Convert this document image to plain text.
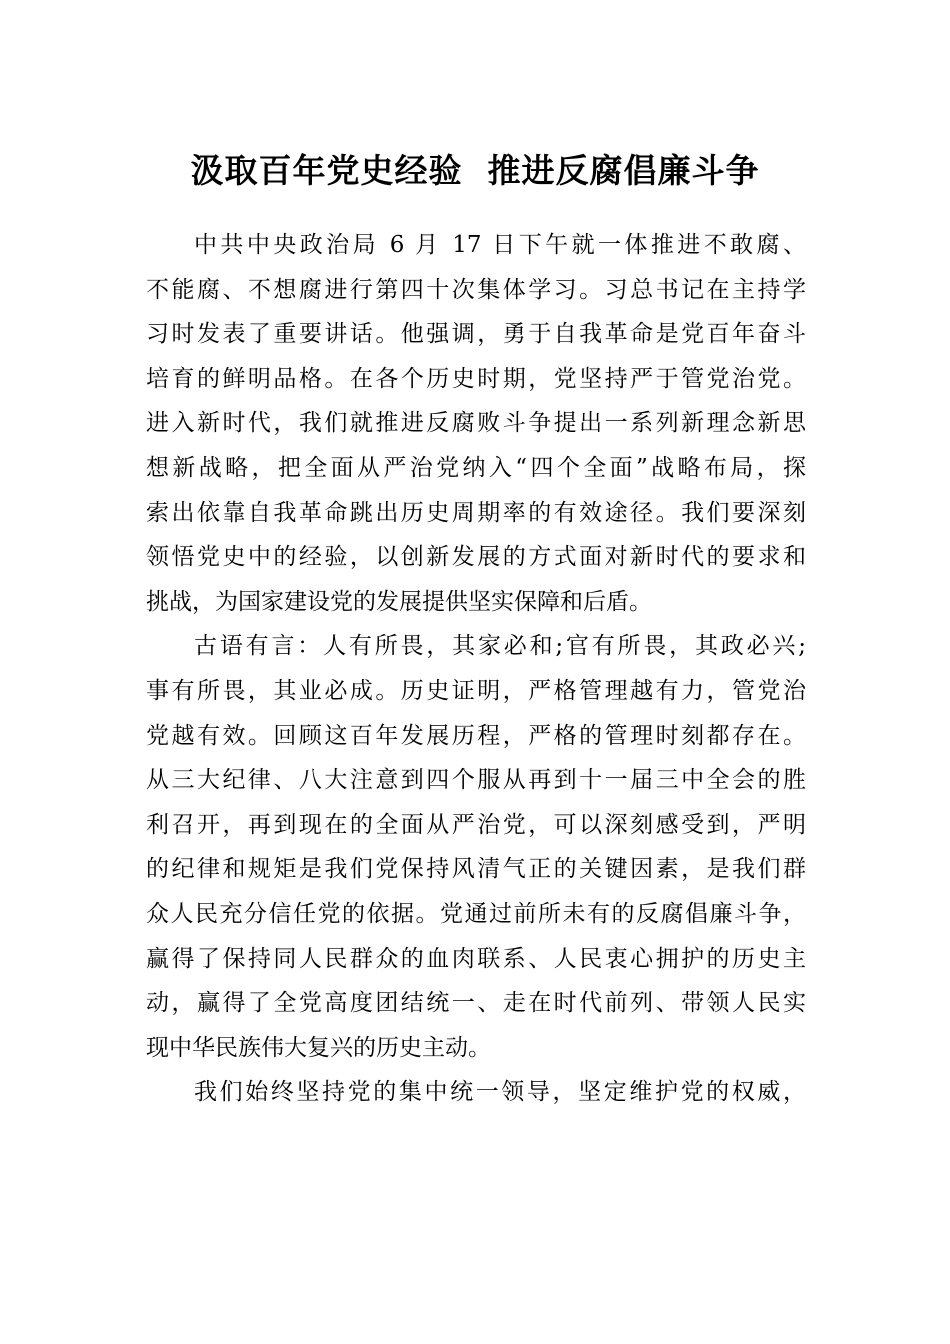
汲取百年党史经验  推进反腐倡廉斗争
中共中央政治局 6 月 17 日下午就一体推进不敢腐、
不能腐、不想腐进行第四十次集体学习。习总书记在主持学
习时发表了重要讲话。他强调，勇于自我革命是党百年奋斗
培育的鲜明品格。在各个历史时期，党坚持严于管党治党。
进入新时代，我们就推进反腐败斗争提出一系列新理念新思
想新战略，把全面从严治党纳入“四个全面”战略布局，探
索出依靠自我革命跳出历史周期率的有效途径。我们要深刻
领悟党史中的经验，以创新发展的方式面对新时代的要求和
挑战，为国家建设党的发展提供坚实保障和后盾。
古语有言：人有所畏，其家必和;官有所畏，其政必兴;
事有所畏，其业必成。历史证明，严格管理越有力，管党治
党越有效。回顾这百年发展历程，严格的管理时刻都存在。
从三大纪律、八大注意到四个服从再到十一届三中全会的胜
利召开，再到现在的全面从严治党，可以深刻感受到，严明
的纪律和规矩是我们党保持风清气正的关键因素，是我们群
众人民充分信任党的依据。党通过前所未有的反腐倡廉斗争，
赢得了保持同人民群众的血肉联系、人民衷心拥护的历史主
动，赢得了全党高度团结统一、走在时代前列、带领人民实
现中华民族伟大复兴的历史主动。
我们始终坚持党的集中统一领导，坚定维护党的权威，
